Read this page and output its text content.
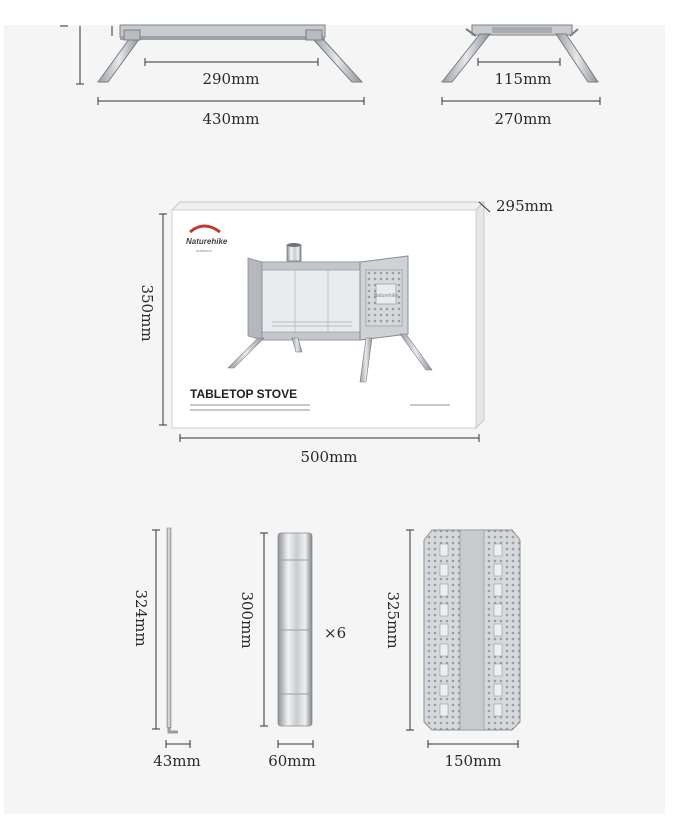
290mm
430mm
115mm
270mm
Naturehike
outdoors
Naturehike
TABLETOP STOVE
295mm
350mm
500mm
324mm
43mm
300mm	×6
60mm
325mm
150mm
